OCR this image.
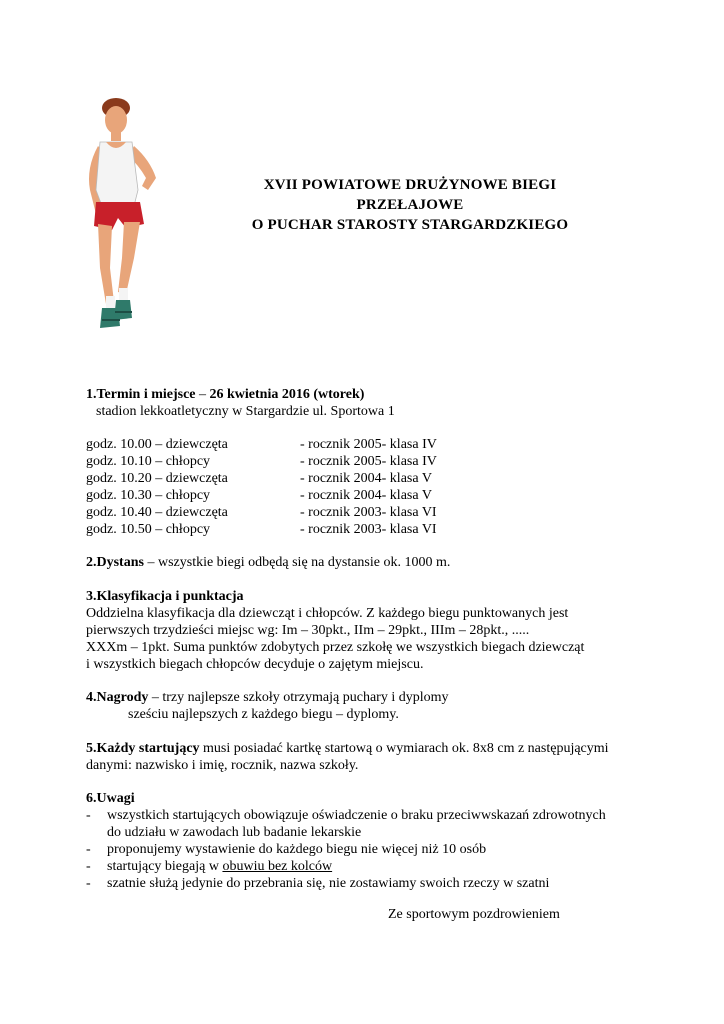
XVII POWIATOWE DRUŻYNOWE BIEGI
PRZEŁAJOWE
O PUCHAR STAROSTY STARGARDZKIEGO
1.Termin i miejsce – 26 kwietnia 2016 (wtorek)
stadion lekkoatletyczny w Stargardzie ul. Sportowa 1
godz. 10.00 – dziewczęta	- rocznik 2005- klasa IV
godz. 10.10 – chłopcy	- rocznik 2005- klasa IV
godz. 10.20 – dziewczęta	- rocznik 2004- klasa V
godz. 10.30 – chłopcy	- rocznik 2004- klasa V
godz. 10.40 – dziewczęta	- rocznik 2003- klasa VI
godz. 10.50 – chłopcy	- rocznik 2003- klasa VI
2.Dystans – wszystkie biegi odbędą się na dystansie ok. 1000 m.
3.Klasyfikacja i punktacja
Oddzielna klasyfikacja dla dziewcząt i chłopców. Z każdego biegu punktowanych jest
pierwszych trzydzieści miejsc wg: Im – 30pkt., IIm – 29pkt., IIIm – 28pkt., .....
XXXm – 1pkt. Suma punktów zdobytych przez szkołę we wszystkich biegach dziewcząt
i wszystkich biegach chłopców decyduje o zajętym miejscu.
4.Nagrody – trzy najlepsze szkoły otrzymają puchary i dyplomy
sześciu najlepszych z każdego biegu – dyplomy.
5.Każdy startujący musi posiadać kartkę startową o wymiarach ok. 8x8 cm z następującymi
danymi: nazwisko i imię, rocznik, nazwa szkoły.
6.Uwagi
- wszystkich startujących obowiązuje oświadczenie o braku przeciwwskazań zdrowotnych
do udziału w zawodach lub badanie lekarskie
- proponujemy wystawienie do każdego biegu nie więcej niż 10 osób
- startujący biegają w obuwiu bez kolców
- szatnie służą jedynie do przebrania się, nie zostawiamy swoich rzeczy w szatni
Ze sportowym pozdrowieniem
